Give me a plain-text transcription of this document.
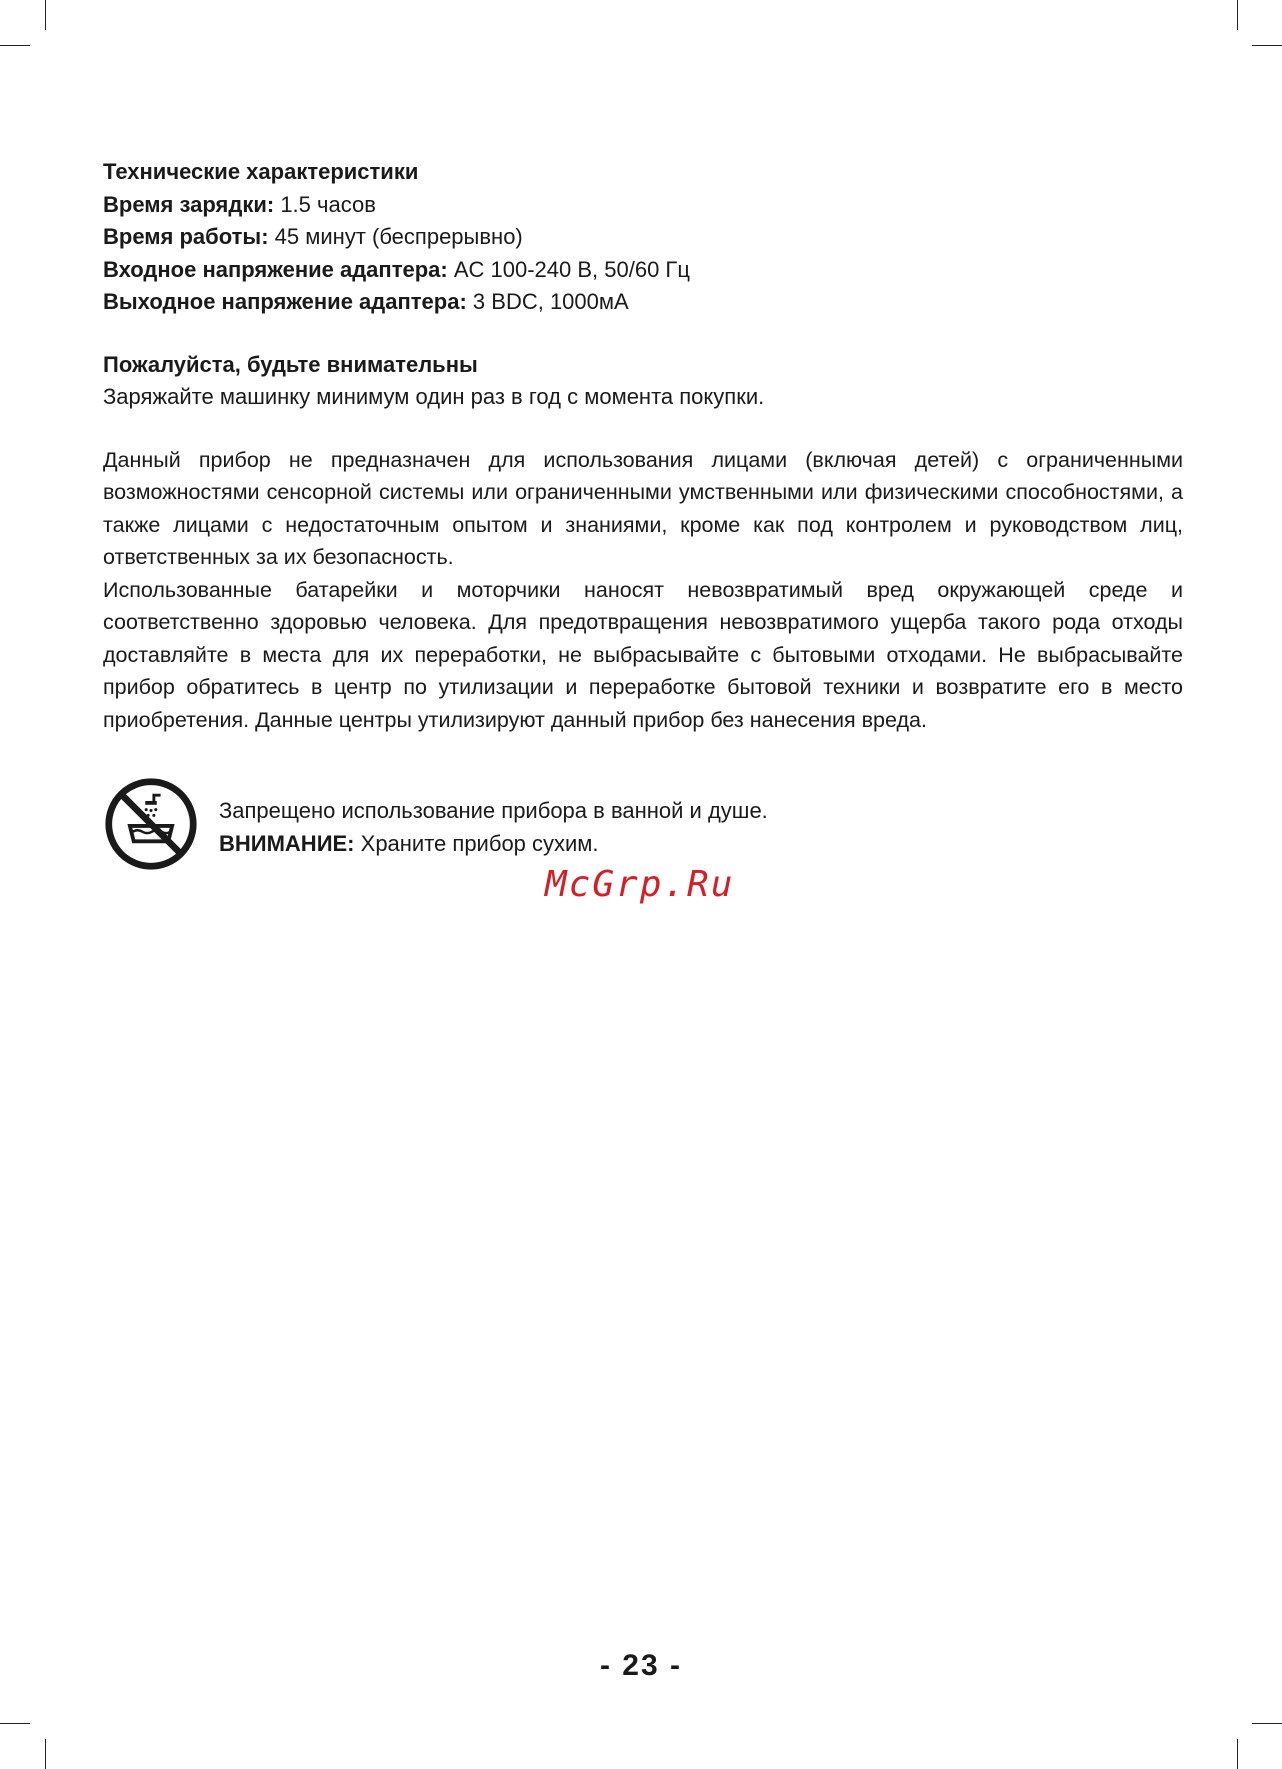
Технические характеристики

Время зарядки: 1.5 часов

Время работы: 45 минут (беспрерывно)

Входное напряжение адаптера: AC 100-240 В, 50/60 Гц

Выходное напряжение адаптера: 3 BDC, 1000мА

Пожалуйста, будьте внимательны

Заряжайте машинку минимум один раз в год с момента покупки.

Данный прибор не предназначен для использования лицами (включая детей) с ограниченными возможностями сенсорной системы или ограниченными умственными или физическими способностями, а также лицами с недостаточным опытом и знаниями, кроме как под контролем и руководством лиц, ответственных за их безопасность.

Использованные батарейки и моторчики наносят невозвратимый вред окружающей среде и соответственно здоровью человека. Для предотвращения невозвратимого ущерба такого рода отходы доставляйте в места для их переработки, не выбрасывайте с бытовыми отходами. Не выбрасывайте прибор обратитесь в центр по утилизации и переработке бытовой техники и возвратите его в место приобретения. Данные центры утилизируют данный прибор без нанесения вреда.

Запрещено использование прибора в ванной и душе.

ВНИМАНИЕ: Храните прибор сухим.

McGrp.Ru
- 23 -
